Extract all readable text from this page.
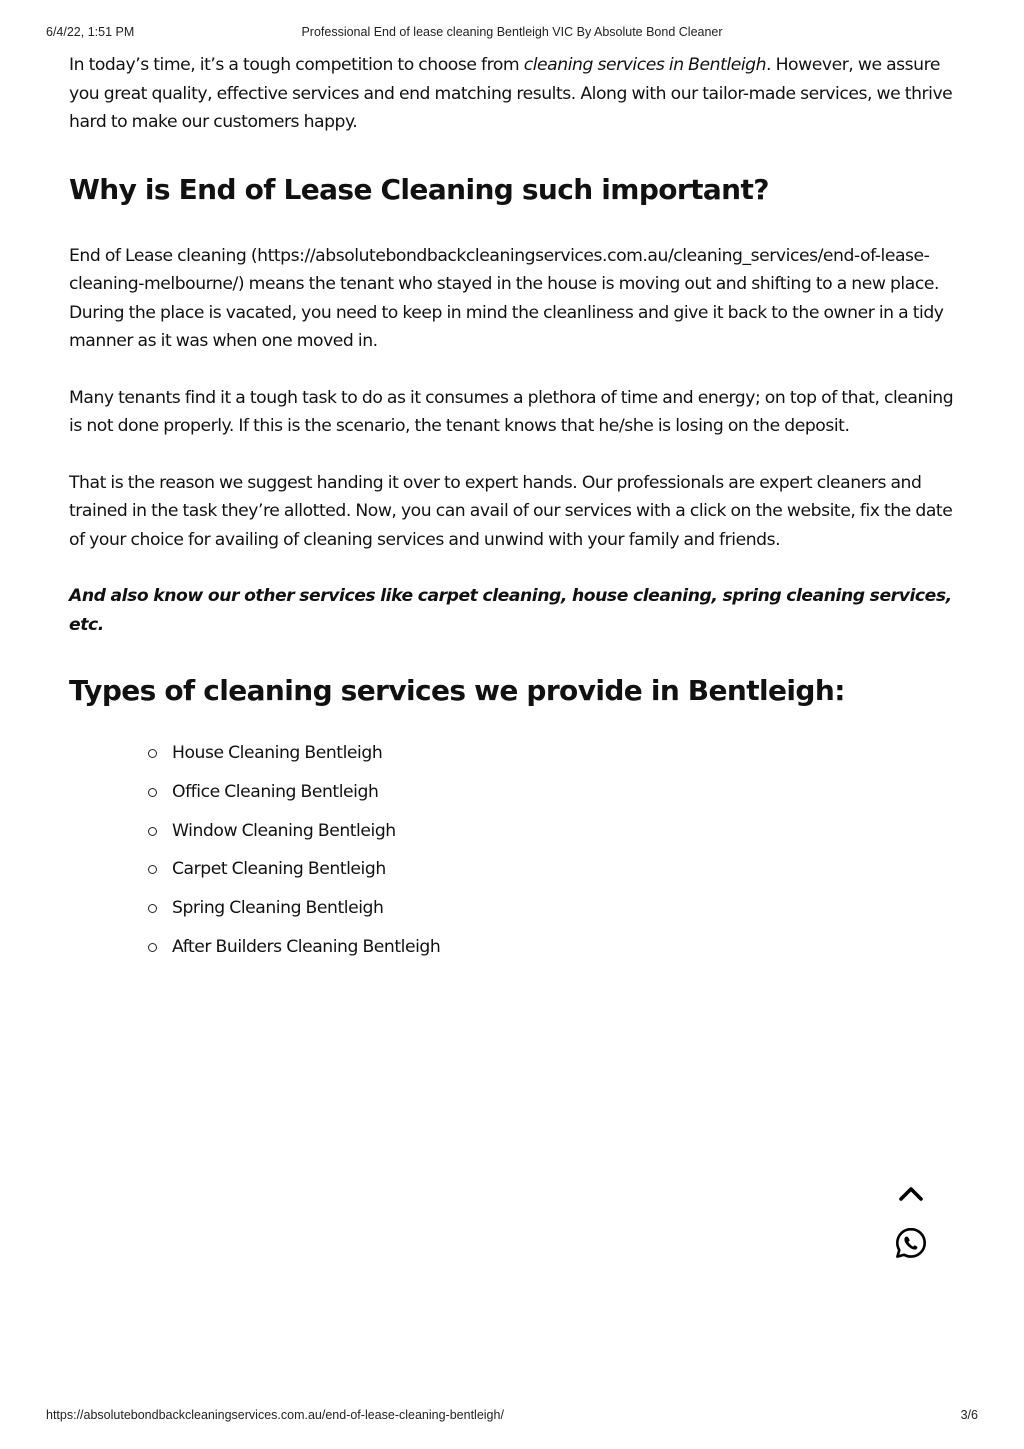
6/4/22, 1:51 PM	Professional End of lease cleaning Bentleigh VIC By Absolute Bond Cleaner

In today’s time, it’s a tough competition to choose from cleaning services in Bentleigh. However, we assure you great quality, effective services and end matching results. Along with our tailor-made services, we thrive hard to make our customers happy.

Why is End of Lease Cleaning such important?

End of Lease cleaning (https://absolutebondbackcleaningservices.com.au/cleaning_services/end-of-lease-cleaning-melbourne/) means the tenant who stayed in the house is moving out and shifting to a new place. During the place is vacated, you need to keep in mind the cleanliness and give it back to the owner in a tidy manner as it was when one moved in.

Many tenants find it a tough task to do as it consumes a plethora of time and energy; on top of that, cleaning is not done properly. If this is the scenario, the tenant knows that he/she is losing on the deposit.

That is the reason we suggest handing it over to expert hands. Our professionals are expert cleaners and trained in the task they’re allotted. Now, you can avail of our services with a click on the website, fix the date of your choice for availing of cleaning services and unwind with your family and friends.

And also know our other services like carpet cleaning, house cleaning, spring cleaning services, etc.

Types of cleaning services we provide in Bentleigh:
House Cleaning Bentleigh
Office Cleaning Bentleigh
Window Cleaning Bentleigh
Carpet Cleaning Bentleigh
Spring Cleaning Bentleigh
After Builders Cleaning Bentleigh
https://absolutebondbackcleaningservices.com.au/end-of-lease-cleaning-bentleigh/	3/6
